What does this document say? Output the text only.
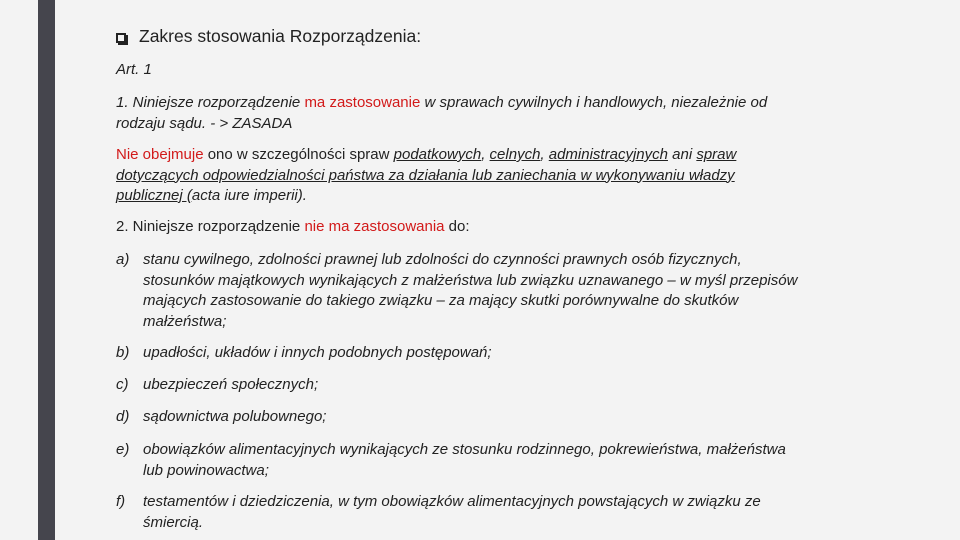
Zakres stosowania Rozporządzenia:
Art. 1
1. Niniejsze rozporządzenie ma zastosowanie w sprawach cywilnych i handlowych, niezależnie od
rodzaju sądu. - > ZASADA
Nie obejmuje ono w szczególności spraw podatkowych, celnych, administracyjnych ani spraw
dotyczących odpowiedzialności państwa za działania lub zaniechania w wykonywaniu władzy
publicznej (acta iure imperii).
2. Niniejsze rozporządzenie nie ma zastosowania do:
a) stanu cywilnego, zdolności prawnej lub zdolności do czynności prawnych osób fizycznych,
stosunków majątkowych wynikających z małżeństwa lub związku uznawanego – w myśl przepisów
mających zastosowanie do takiego związku – za mający skutki porównywalne do skutków
małżeństwa;
b) upadłości, układów i innych podobnych postępowań;
c) ubezpieczeń społecznych;
d) sądownictwa polubownego;
e) obowiązków alimentacyjnych wynikających ze stosunku rodzinnego, pokrewieństwa, małżeństwa
lub powinowactwa;
f)	testamentów i dziedziczenia, w tym obowiązków alimentacyjnych powstających w związku ze
śmiercią.
